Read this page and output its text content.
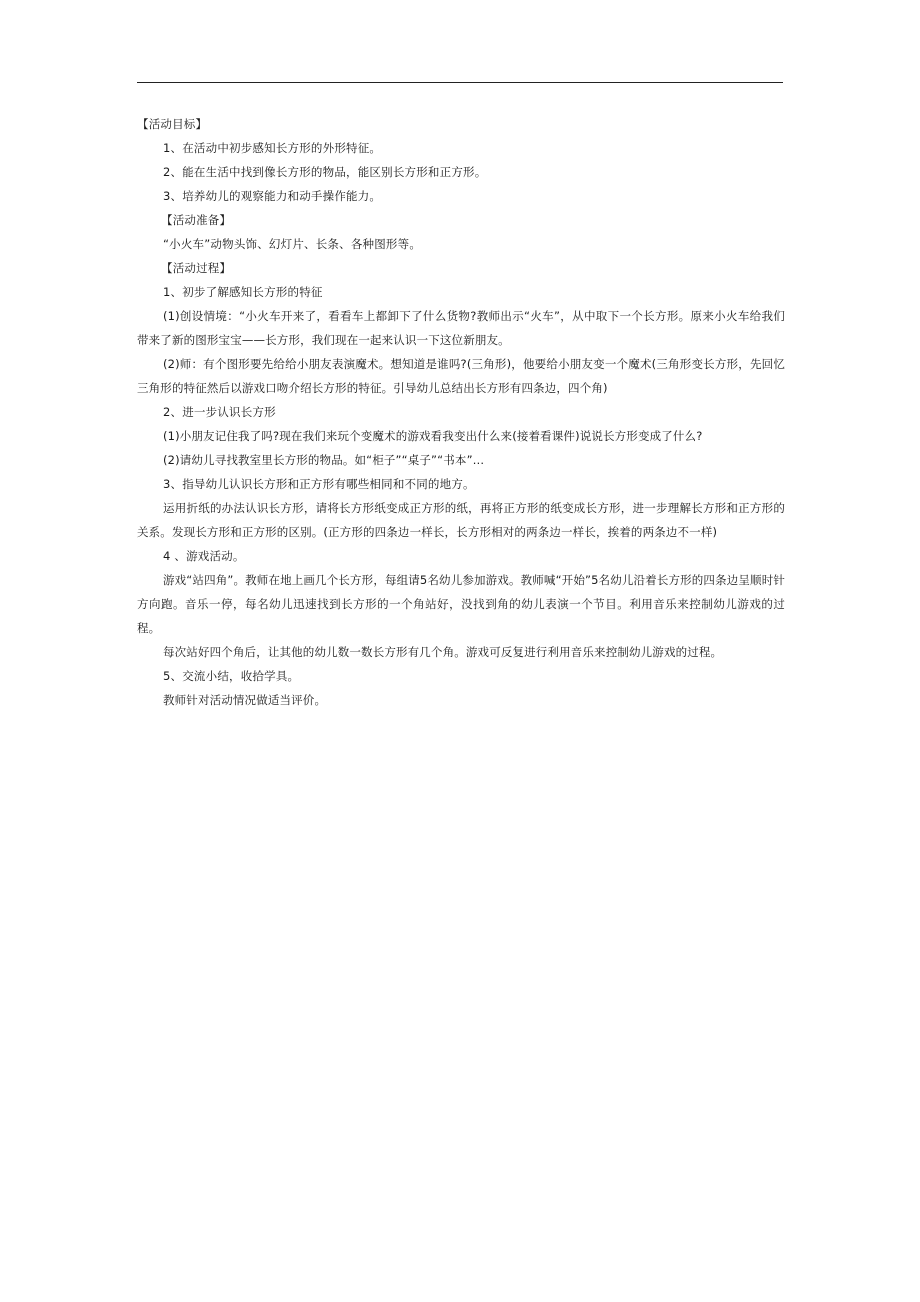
【活动目标】

1、在活动中初步感知长方形的外形特征。

2、能在生活中找到像长方形的物品，能区别长方形和正方形。

3、培养幼儿的观察能力和动手操作能力。

【活动准备】

“小火车”动物头饰、幻灯片、长条、各种图形等。

【活动过程】

1、初步了解感知长方形的特征

(1)创设情境：“小火车开来了，看看车上都卸下了什么货物?教师出示“火车”，从中取下一个长方形。原来小火车给我们带来了新的图形宝宝——长方形，我们现在一起来认识一下这位新朋友。

(2)师：有个图形要先给给小朋友表演魔术。想知道是谁吗?(三角形)，他要给小朋友变一个魔术(三角形变长方形，先回忆三角形的特征然后以游戏口吻介绍长方形的特征。引导幼儿总结出长方形有四条边，四个角)

2、进一步认识长方形

(1)小朋友记住我了吗?现在我们来玩个变魔术的游戏看我变出什么来(接着看课件)说说长方形变成了什么?

(2)请幼儿寻找教室里长方形的物品。如“柜子”“桌子”“书本”…

3、指导幼儿认识长方形和正方形有哪些相同和不同的地方。

运用折纸的办法认识长方形，请将长方形纸变成正方形的纸，再将正方形的纸变成长方形，进一步理解长方形和正方形的关系。发现长方形和正方形的区别。(正方形的四条边一样长，长方形相对的两条边一样长，挨着的两条边不一样)

4 、游戏活动。

游戏“站四角”。教师在地上画几个长方形，每组请5名幼儿参加游戏。教师喊“开始”5名幼儿沿着长方形的四条边呈顺时针方向跑。音乐一停，每名幼儿迅速找到长方形的一个角站好，没找到角的幼儿表演一个节目。利用音乐来控制幼儿游戏的过程。

每次站好四个角后，让其他的幼儿数一数长方形有几个角。游戏可反复进行利用音乐来控制幼儿游戏的过程。

5、交流小结，收拾学具。

教师针对活动情况做适当评价。
